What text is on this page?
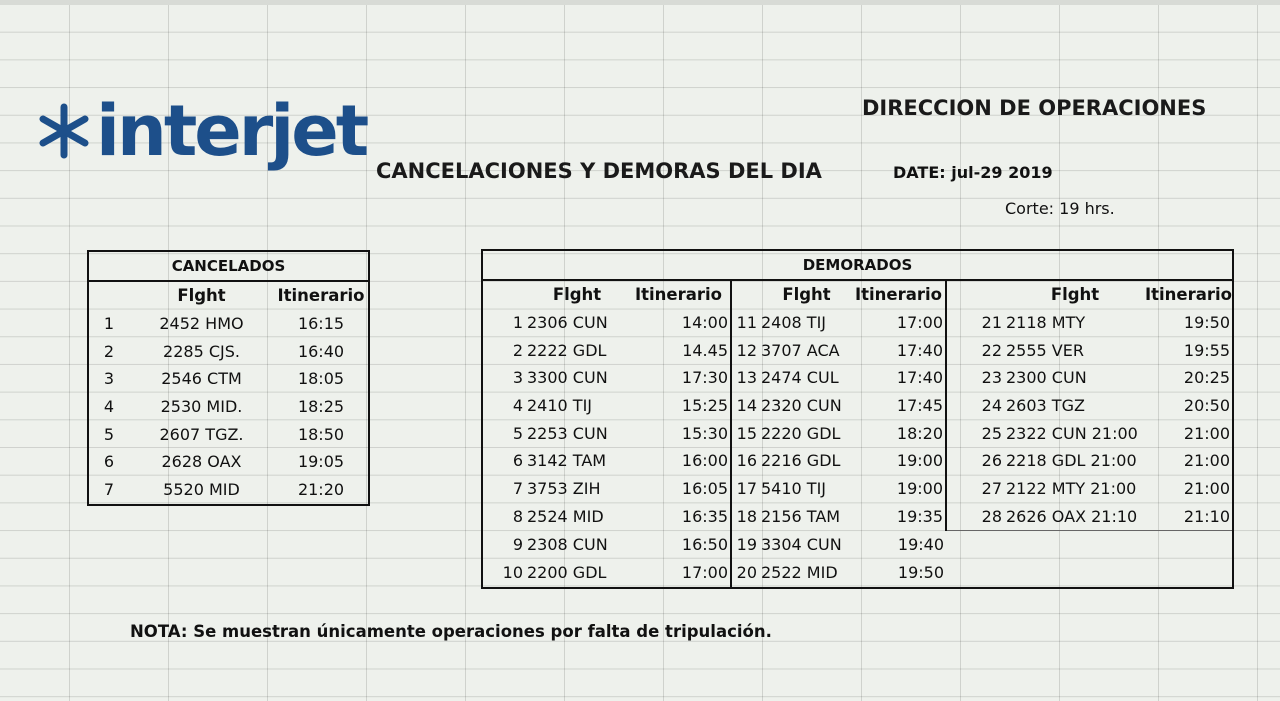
interjet	DIRECCION DE OPERACIONES
CANCELACIONES Y DEMORAS DEL DIA	DATE: jul-29 2019
Corte: 19 hrs.
CANCELADOS
	Flght	Itinerario
1	2452 HMO	16:15
2	2285 CJS.	16:40
3	2546 CTM	18:05
4	2530 MID.	18:25
5	2607 TGZ.	18:50
6	2628 OAX	19:05
7	5520 MID	21:20
DEMORADOS
	Flght	Itinerario		Flght	Itinerario		Flght	Itinerario
1	2306 CUN	14:00	11	2408 TIJ	17:00	21	2118 MTY	19:50
2	2222 GDL	14.45	12	3707 ACA	17:40	22	2555 VER	19:55
3	3300 CUN	17:30	13	2474 CUL	17:40	23	2300 CUN	20:25
4	2410 TIJ	15:25	14	2320 CUN	17:45	24	2603 TGZ	20:50
5	2253 CUN	15:30	15	2220 GDL	18:20	25	2322 CUN 21:00	21:00
6	3142 TAM	16:00	16	2216 GDL	19:00	26	2218 GDL 21:00	21:00
7	3753 ZIH	16:05	17	5410 TIJ	19:00	27	2122 MTY 21:00	21:00
8	2524 MID	16:35	18	2156 TAM	19:35	28	2626 OAX 21:10	21:10
9	2308 CUN	16:50	19	3304 CUN	19:40			
10	2200 GDL	17:00	20	2522 MID	19:50			
NOTA: Se muestran únicamente operaciones por falta de tripulación.
